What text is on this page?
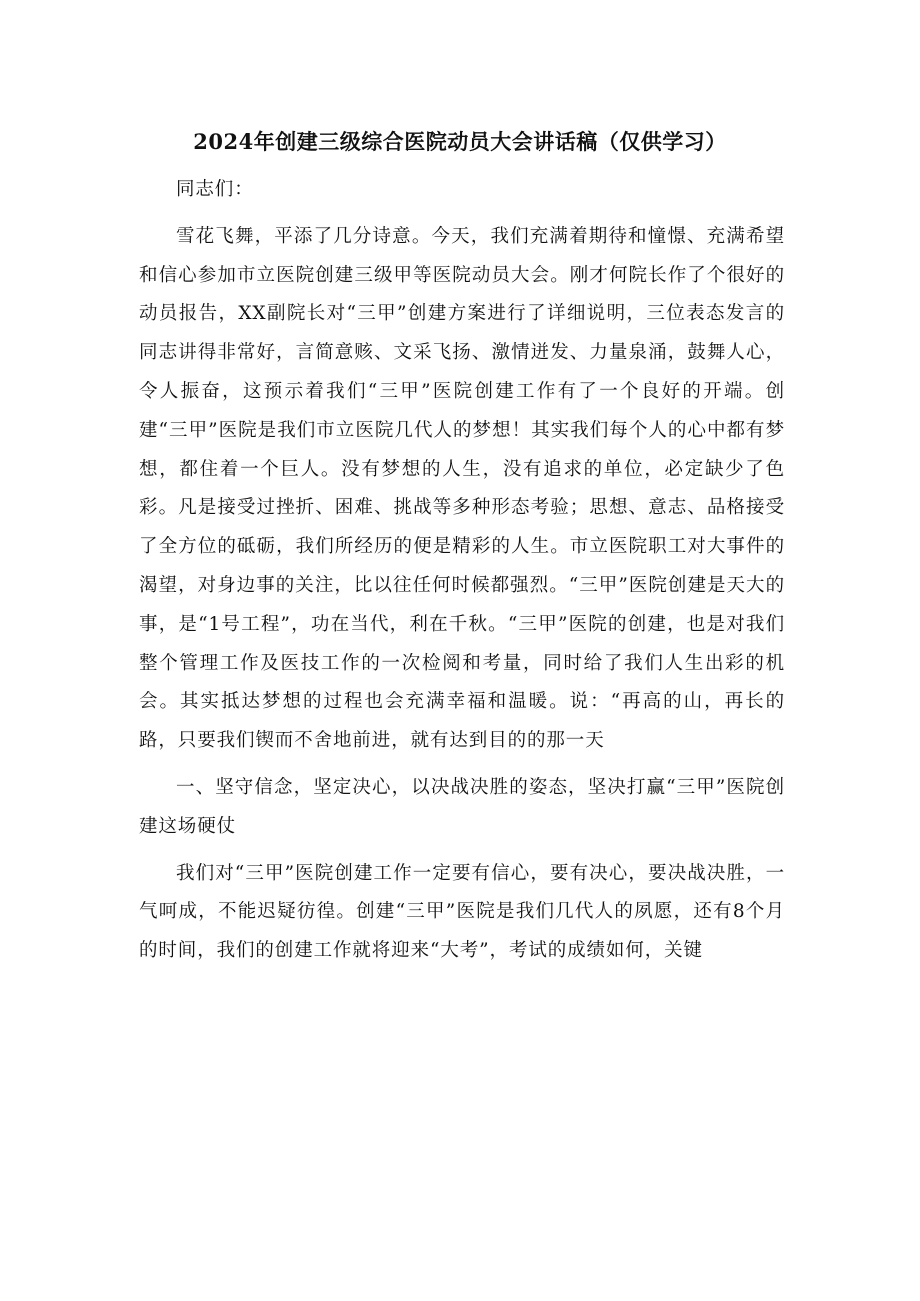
2024年创建三级综合医院动员大会讲话稿（仅供学习）

同志们：

雪花飞舞，平添了几分诗意。今天，我们充满着期待和憧憬、充满希望和信心参加市立医院创建三级甲等医院动员大会。刚才何院长作了个很好的动员报告，XX副院长对“三甲”创建方案进行了详细说明，三位表态发言的同志讲得非常好，言简意赅、文采飞扬、激情迸发、力量泉涌，鼓舞人心，令人振奋，这预示着我们“三甲”医院创建工作有了一个良好的开端。创建“三甲”医院是我们市立医院几代人的梦想！其实我们每个人的心中都有梦想，都住着一个巨人。没有梦想的人生，没有追求的单位，必定缺少了色彩。凡是接受过挫折、困难、挑战等多种形态考验；思想、意志、品格接受了全方位的砥砺，我们所经历的便是精彩的人生。市立医院职工对大事件的渴望，对身边事的关注，比以往任何时候都强烈。“三甲”医院创建是天大的事，是“1号工程”，功在当代，利在千秋。“三甲”医院的创建，也是对我们整个管理工作及医技工作的一次检阅和考量，同时给了我们人生出彩的机会。其实抵达梦想的过程也会充满幸福和温暖。说：“再高的山，再长的路，只要我们锲而不舍地前进，就有达到目的的那一天

一、坚守信念，坚定决心，以决战决胜的姿态，坚决打赢“三甲”医院创建这场硬仗

我们对“三甲”医院创建工作一定要有信心，要有决心，要决战决胜，一气呵成，不能迟疑彷徨。创建“三甲”医院是我们几代人的夙愿，还有8个月的时间，我们的创建工作就将迎来“大考”，考试的成绩如何，关键
